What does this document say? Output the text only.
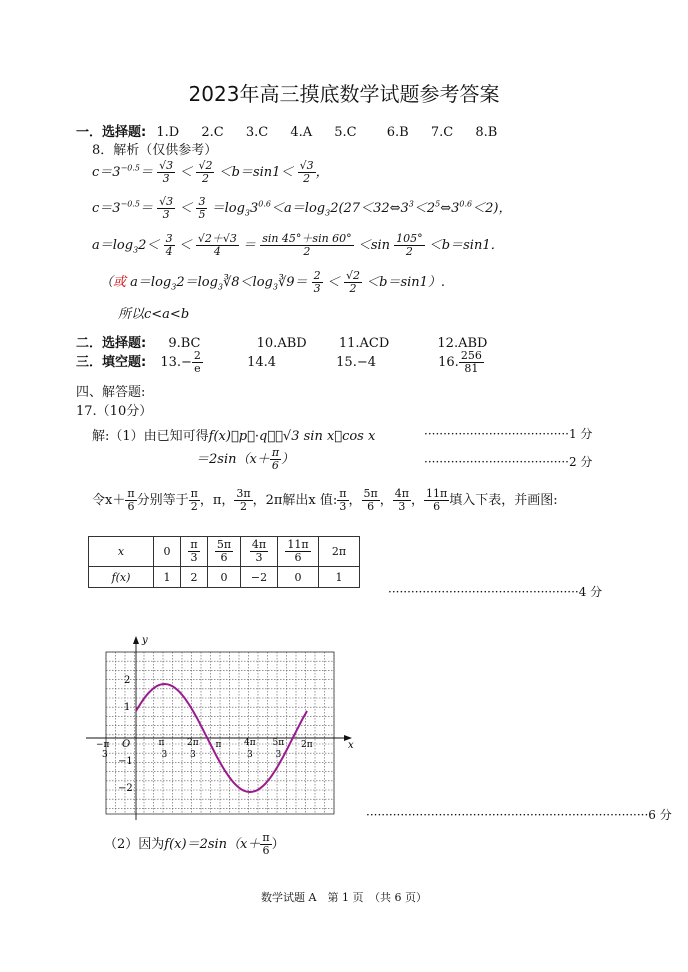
2023年高三摸底数学试题参考答案
一．选择题: 1.D 2.C 3.C 4.A 5.C 6.B 7.C 8.B
8．解析（仅供参考）
$c=3^{-0.5}= \frac{√3}{3} < \frac{√2}{2} <b=\sin 1< \frac{√3}{2}$ ，
$c=3^{-0.5}= \frac{√3}{3} < \frac{3}{5}$ $=\log_33^{0.6}<a=\log_32(27<32\Leftrightarrow 3^3<2^5\Leftrightarrow 3^{0.6}<2)$，
$a=\log_32< \frac{3}{4} < \frac{√2+√3}{4} = \frac{\sin 45^\circ+\sin 60^\circ}{2} <\sin \frac{105^\circ}{2} <b=\sin 1$．
（或 $a=\log_32=\log_3∛8<\log_3∛9= \frac{2}{3} < \frac{√2}{2} <b=\sin 1$）.
所以c<a<b
二．选择题: 9.BC	10.ABD 11.ACD	12.ABD
三．填空题: $13.- \frac{2}{e}$	14.4	15.−4	16. $\frac{256}{81}$
四、解答题:
17.（10分）
解:（1）由已知可得f(x)＝p⃗·q⃗＝√3 sin x＋cos x	······································1 分
$=2\sin(x+ \frac{\pi}{6}$ ）	······································2 分
令$x+ \frac{\pi}{6}$ 分别等于 $\frac{\pi}{2}$ ，π， $\frac{3\pi}{2}$ ，2π解出x 值: $\frac{\pi}{3}$ ， $\frac{5\pi}{6}$ ， $\frac{4\pi}{3}$ ， $\frac{11\pi}{6}$ 填入下表，并画图:
x	0	$\frac{\pi}{3}$	$\frac{5\pi}{6}$	$\frac{4\pi}{3}$	$\frac{11\pi}{6}$	2π
f(x)	1	2	0	−2	0	1
··················································4 分
y
x
2
1
−1
−2
O
−π
3
π
3
2π
3
π	4π
3
5π
3
2π
··········································································6 分
（2）因为$f(x)=2\sin(x+ \frac{\pi}{6}$ ）
数学试题 A　第 1 页　（共 6 页）
